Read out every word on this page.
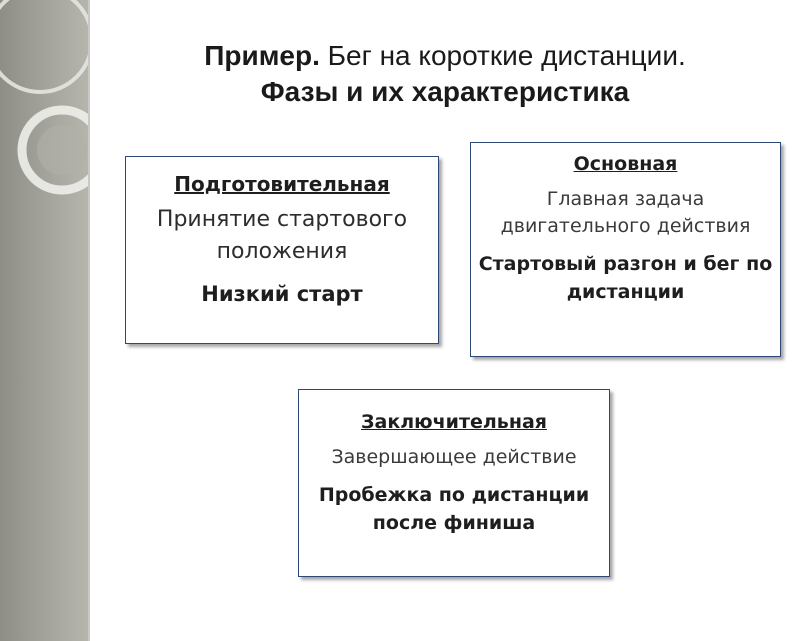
Пример. Бег на короткие дистанции.
Фазы и их характеристика
Подготовительная
Принятие стартового положения
Низкий старт
Основная
Главная задача двигательного действия
Стартовый разгон и бег по дистанции
Заключительная
Завершающее действие
Пробежка по дистанции после финиша
